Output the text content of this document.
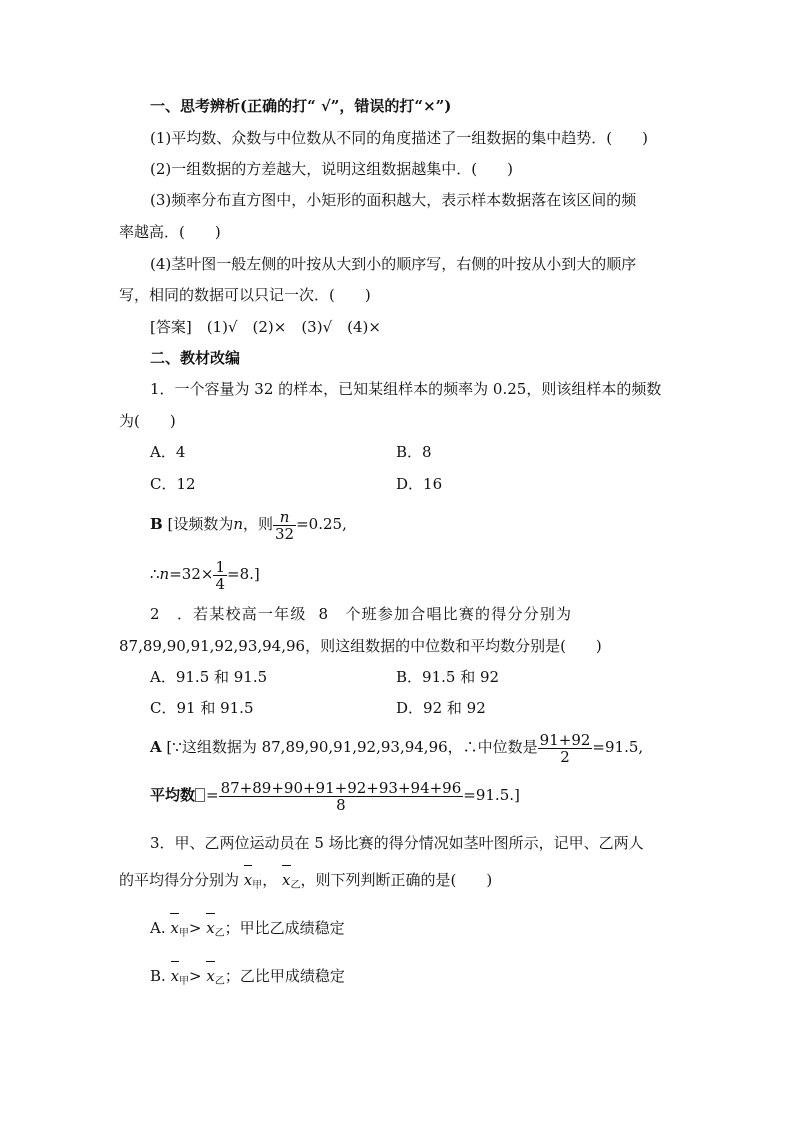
一、思考辨析(正确的打“ √”，错误的打“×”)
(1)平均数、众数与中位数从不同的角度描述了一组数据的集中趋势．(　　)
(2)一组数据的方差越大，说明这组数据越集中．(　　)
(3)频率分布直方图中，小矩形的面积越大，表示样本数据落在该区间的频
率越高．(　　)
(4)茎叶图一般左侧的叶按从大到小的顺序写，右侧的叶按从小到大的顺序
写，相同的数据可以只记一次．(　　)
[答案]　(1)√　(2)×　(3)√　(4)×
二、教材改编
1．一个容量为 32 的样本，已知某组样本的频率为 0.25，则该组样本的频数
为(　　)
A．4	B．8
C．12	D．16
B [设频数为n，则 $\frac{n}{32} =0.25$,
∴n=32× $\frac{1}{4} =8$.]
2　．若某校高一年级 8　个班参加合唱比赛的得分分别为
87,89,90,91,92,93,94,96，则这组数据的中位数和平均数分别是(　　)
A．91.5 和 91.5	B．91.5 和 92
C．91 和 91.5	D．92 和 92
A [∵这组数据为 87,89,90,91,92,93,94,96，∴中位数是 $\frac{91+92}{2} =91.5$,
平均数 = $\frac{87+89+90+91+92+93+94+96}{8} =91.5$.]
3．甲、乙两位运动员在 5 场比赛的得分情况如茎叶图所示，记甲、乙两人
的平均得分分别为 $x_甲$， $x_乙$，则下列判断正确的是(　　)
A. $x_甲> x_乙$；甲比乙成绩稳定
B. $x_甲> x_乙$；乙比甲成绩稳定
